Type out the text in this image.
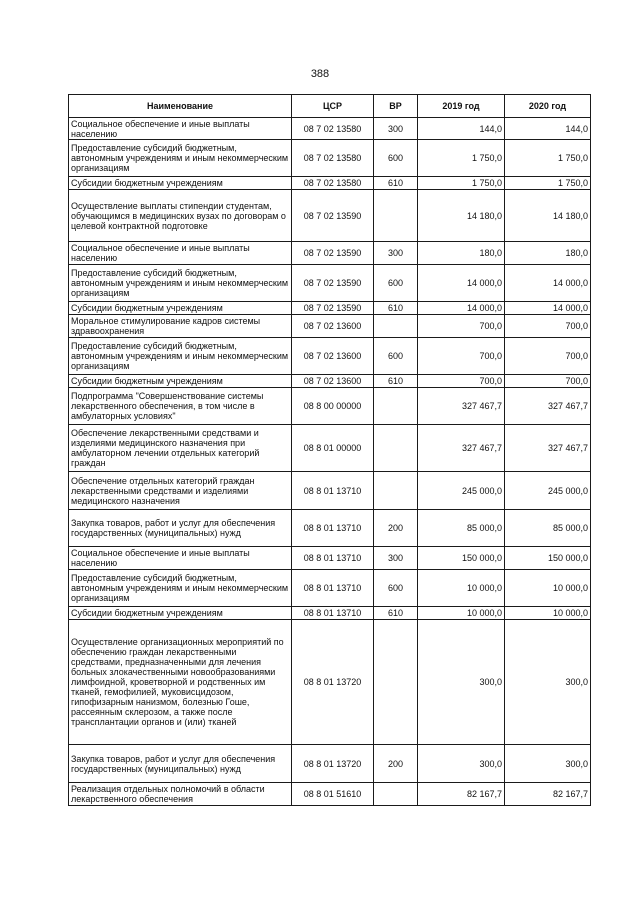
388
Наименование	ЦСР	ВР	2019 год	2020 год
Социальное обеспечение и иные выплаты населению	08 7 02 13580	300	144,0	144,0
Предоставление субсидий бюджетным, автономным учреждениям и иным некоммерческим организациям	08 7 02 13580	600	1 750,0	1 750,0
Субсидии бюджетным учреждениям	08 7 02 13580	610	1 750,0	1 750,0
Осуществление выплаты стипендии студентам, обучающимся в медицинских вузах по договорам о целевой контрактной подготовке	08 7 02 13590		14 180,0	14 180,0
Социальное обеспечение и иные выплаты населению	08 7 02 13590	300	180,0	180,0
Предоставление субсидий бюджетным, автономным учреждениям и иным некоммерческим организациям	08 7 02 13590	600	14 000,0	14 000,0
Субсидии бюджетным учреждениям	08 7 02 13590	610	14 000,0	14 000,0
Моральное стимулирование кадров системы здравоохранения	08 7 02 13600		700,0	700,0
Предоставление субсидий бюджетным, автономным учреждениям и иным некоммерческим организациям	08 7 02 13600	600	700,0	700,0
Субсидии бюджетным учреждениям	08 7 02 13600	610	700,0	700,0
Подпрограмма "Совершенствование системы лекарственного обеспечения, в том числе в амбулаторных условиях"	08 8 00 00000		327 467,7	327 467,7
Обеспечение лекарственными средствами и изделиями медицинского назначения при амбулаторном лечении отдельных категорий граждан	08 8 01 00000		327 467,7	327 467,7
Обеспечение отдельных категорий граждан лекарственными средствами и изделиями медицинского назначения	08 8 01 13710		245 000,0	245 000,0
Закупка товаров, работ и услуг для обеспечения государственных (муниципальных) нужд	08 8 01 13710	200	85 000,0	85 000,0
Социальное обеспечение и иные выплаты населению	08 8 01 13710	300	150 000,0	150 000,0
Предоставление субсидий бюджетным, автономным учреждениям и иным некоммерческим организациям	08 8 01 13710	600	10 000,0	10 000,0
Субсидии бюджетным учреждениям	08 8 01 13710	610	10 000,0	10 000,0
Осуществление организационных мероприятий по обеспечению граждан лекарственными средствами, предназначенными для лечения больных злокачественными новообразованиями лимфоидной, кроветворной и родственных им тканей, гемофилией, муковисцидозом, гипофизарным нанизмом, болезнью Гоше, рассеянным склерозом, а также после трансплантации органов и (или) тканей	08 8 01 13720		300,0	300,0
Закупка товаров, работ и услуг для обеспечения государственных (муниципальных) нужд	08 8 01 13720	200	300,0	300,0
Реализация отдельных полномочий в области лекарственного обеспечения	08 8 01 51610		82 167,7	82 167,7
